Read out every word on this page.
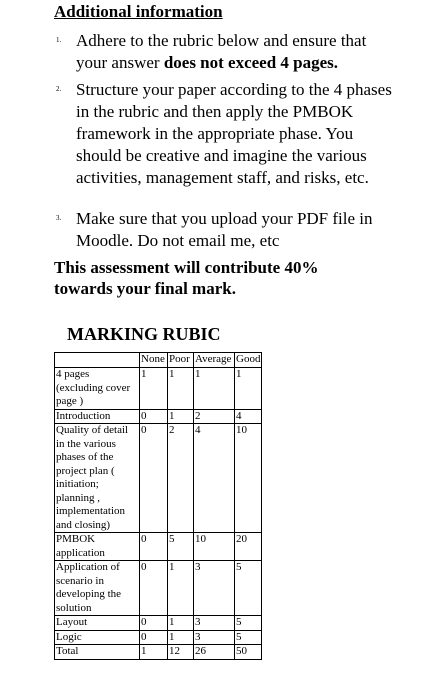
Additional information
1. Adhere to the rubric below and ensure that your answer does not exceed 4 pages.
2. Structure your paper according to the 4 phases in the rubric and then apply the PMBOK framework in the appropriate phase. You should be creative and imagine the various activities, management staff, and risks, etc.
3. Make sure that you upload your PDF file in Moodle. Do not email me, etc
This assessment will contribute 40% towards your final mark.
MARKING RUBIC
	None	Poor	Average	Good
4 pages (excluding cover page )	1	1	1	1
Introduction	0	1	2	4
Quality of detail in the various phases of the project plan ( initiation; planning , implementation and closing)	0	2	4	10
PMBOK application	0	5	10	20
Application of scenario in developing the solution	0	1	3	5
Layout	0	1	3	5
Logic	0	1	3	5
Total	1	12	26	50
